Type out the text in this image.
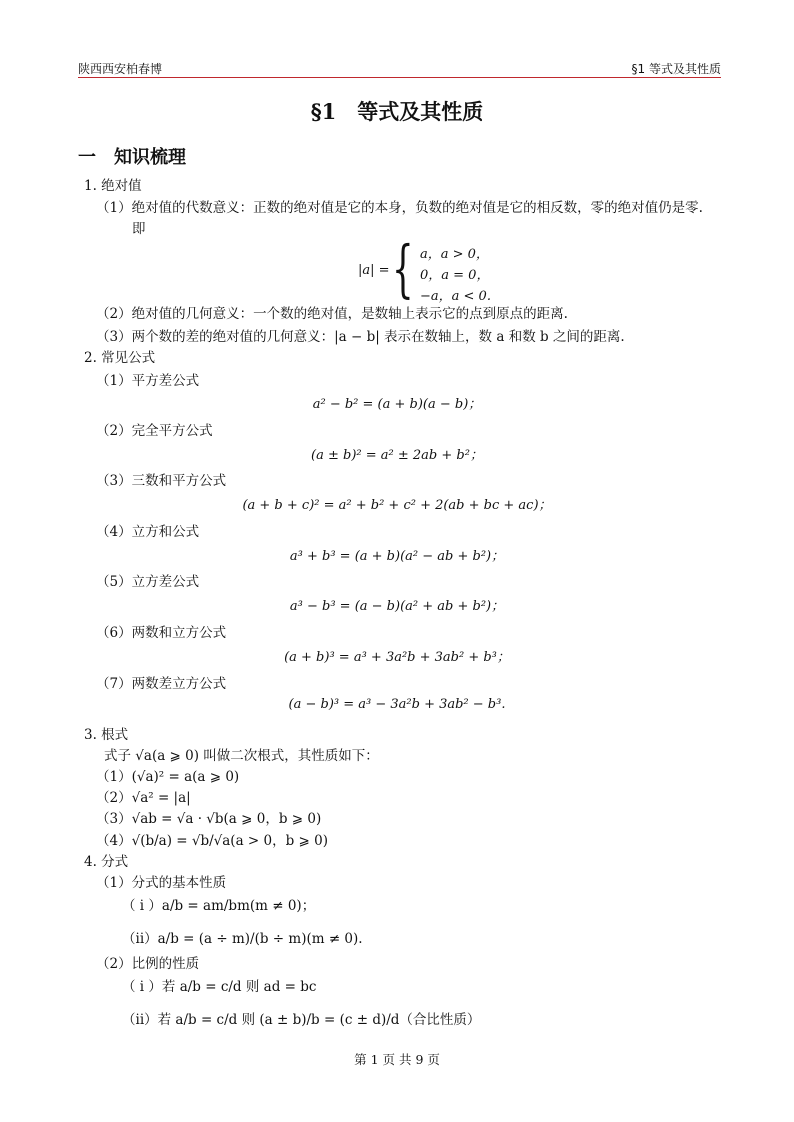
陕西西安柏春博	§1 等式及其性质
§1　等式及其性质
一　知识梳理
1. 绝对值
（1）绝对值的代数意义：正数的绝对值是它的本身，负数的绝对值是它的相反数，零的绝对值仍是零.
即
|a| = { a，a > 0，
0，a = 0，
−a，a < 0.
（2）绝对值的几何意义：一个数的绝对值，是数轴上表示它的点到原点的距离.
（3）两个数的差的绝对值的几何意义：|a − b| 表示在数轴上，数 a 和数 b 之间的距离.
2. 常见公式
（1）平方差公式
a² − b² = (a + b)(a − b)；
（2）完全平方公式
(a ± b)² = a² ± 2ab + b²；
（3）三数和平方公式
(a + b + c)² = a² + b² + c² + 2(ab + bc + ac)；
（4）立方和公式
a³ + b³ = (a + b)(a² − ab + b²)；
（5）立方差公式
a³ − b³ = (a − b)(a² + ab + b²)；
（6）两数和立方公式
(a + b)³ = a³ + 3a²b + 3ab² + b³；
（7）两数差立方公式
(a − b)³ = a³ − 3a²b + 3ab² − b³.
3. 根式
式子 √a(a ⩾ 0) 叫做二次根式，其性质如下：
（1）(√a)² = a(a ⩾ 0)
（2）√a² = |a|
（3）√ab = √a · √b(a ⩾ 0，b ⩾ 0)
（4）√(b/a) = √b/√a(a > 0，b ⩾ 0)
4. 分式
（1）分式的基本性质
（ i ）a/b = am/bm(m ≠ 0)；
（ii）a/b = (a ÷ m)/(b ÷ m)(m ≠ 0).
（2）比例的性质
（ i ）若 a/b = c/d 则 ad = bc
（ii）若 a/b = c/d 则 (a ± b)/b = (c ± d)/d（合比性质）
第 1 页 共 9 页
